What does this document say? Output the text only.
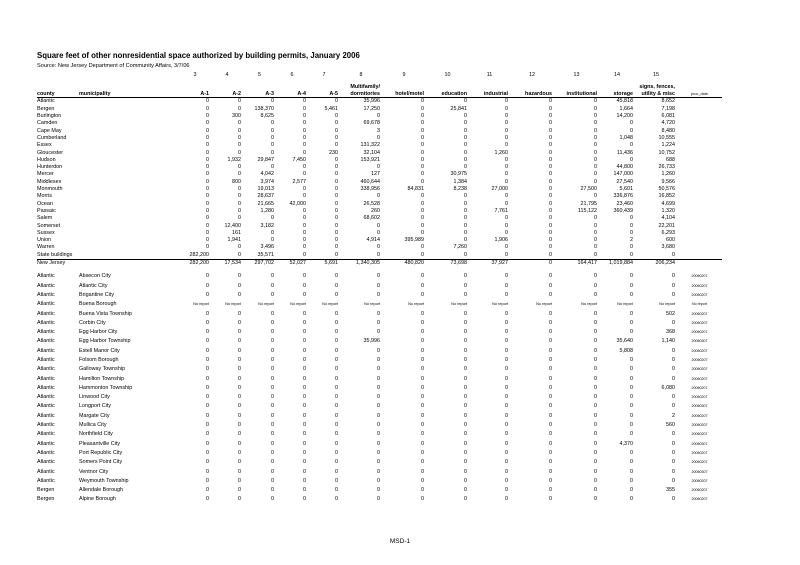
Square feet of other nonresidential space authorized by building permits, January 2006
Source: New Jersey Department of Community Affairs, 3/7/06
		3	4	5	6	7	8	9	10	11	12	13	14	15	

							Multifamily/							signs, fences,	
county	municipality	A-1	A-2	A-3	A-4	A-5	dormitories	hotel/motel	education	industrial	hazardous	institutional	storage	utility & misc	proc_date
Atlantic		0	0	0	0	0	35,996	0	0	0	0	0	45,818	8,652	
Bergen		0	0	138,370	0	5,461	17,250	0	25,841	0	0	0	1,664	7,198	
Burlington		0	300	8,625	0	0	0	0	0	0	0	0	14,200	6,081	
Camden		0	0	0	0	0	69,678	0	0	0	0	0	0	4,720	
Cape May		0	0	0	0	0	3	0	0	0	0	0	0	8,480	
Cumberland		0	0	0	0	0	0	0	0	0	0	0	1,048	10,555	
Essex		0	0	0	0	0	131,322	0	0	0	0	0	0	1,224	
Gloucester		0	0	0	0	230	32,104	0	0	1,260	0	0	11,436	10,752	
Hudson		0	1,932	29,847	7,450	0	153,921	0	0	0	0	0	0	688	
Hunterdon		0	0	0	0	0	0	0	0	0	0	0	44,800	26,733	
Mercer		0	0	4,042	0	0	127	0	30,975	0	0	0	147,000	1,260	
Middlesex		0	800	3,974	2,577	0	460,644	0	1,384	0	0	0	27,540	9,566	
Monmouth		0	0	19,013	0	0	338,956	84,831	8,238	27,000	0	27,500	5,601	50,576	
Morris		0	0	28,637	0	0	0	0	0	0	0	0	336,876	16,852	
Ocean		0	0	21,665	42,000	0	26,528	0	0	0	0	21,795	23,460	4,699	
Passaic		0	0	1,280	0	0	260	0	0	7,761	0	115,122	360,439	1,320	
Salem		0	0	0	0	0	68,602	0	0	0	0	0	0	4,104	
Somerset		0	12,400	3,182	0	0	0	0	0	0	0	0	0	22,201	
Sussex		0	161	0	0	0	0	0	0	0	0	0	0	6,293	
Union		0	1,941	0	0	0	4,914	395,989	0	1,906	0	0	2	600	
Warren		0	0	3,496	0	0	0	0	7,260	0	0	0	0	3,680	
State buildings		282,200	0	35,571	0	0	0	0	0	0	0	0	0	0	
New Jersey		282,200	17,534	297,702	52,027	5,691	1,340,305	480,820	73,698	37,927	0	164,417	1,019,884	206,234	

Atlantic	Absecon City	0	0	0	0	0	0	0	0	0	0	0	0	0	20060207
Atlantic	Atlantic City	0	0	0	0	0	0	0	0	0	0	0	0	0	20060207
Atlantic	Brigantine City	0	0	0	0	0	0	0	0	0	0	0	0	0	20060207
Atlantic	Buena Borough	No report	No report	No report	No report	No report	No report	No report	No report	No report	No report	No report	No report	No report	No report
Atlantic	Buena Vista Township	0	0	0	0	0	0	0	0	0	0	0	0	502	20060207
Atlantic	Corbin City	0	0	0	0	0	0	0	0	0	0	0	0	0	20060207
Atlantic	Egg Harbor City	0	0	0	0	0	0	0	0	0	0	0	0	368	20060207
Atlantic	Egg Harbor Township	0	0	0	0	0	35,996	0	0	0	0	0	35,640	1,140	20060307
Atlantic	Estell Manor City	0	0	0	0	0	0	0	0	0	0	0	5,808	0	20060207
Atlantic	Folsom Borough	0	0	0	0	0	0	0	0	0	0	0	0	0	20060207
Atlantic	Galloway Township	0	0	0	0	0	0	0	0	0	0	0	0	0	20060207
Atlantic	Hamilton Township	0	0	0	0	0	0	0	0	0	0	0	0	0	20060207
Atlantic	Hammonton Township	0	0	0	0	0	0	0	0	0	0	0	0	6,080	20060207
Atlantic	Linwood City	0	0	0	0	0	0	0	0	0	0	0	0	0	20060207
Atlantic	Longport City	0	0	0	0	0	0	0	0	0	0	0	0	0	20060307
Atlantic	Margate City	0	0	0	0	0	0	0	0	0	0	0	0	2	20060207
Atlantic	Mullica City	0	0	0	0	0	0	0	0	0	0	0	0	560	20060207
Atlantic	Northfield City	0	0	0	0	0	0	0	0	0	0	0	0	0	20060207
Atlantic	Pleasantville City	0	0	0	0	0	0	0	0	0	0	0	4,370	0	20060307
Atlantic	Port Republic City	0	0	0	0	0	0	0	0	0	0	0	0	0	20060207
Atlantic	Somers Point City	0	0	0	0	0	0	0	0	0	0	0	0	0	20060207
Atlantic	Ventnor City	0	0	0	0	0	0	0	0	0	0	0	0	0	20060307
Atlantic	Weymouth Township	0	0	0	0	0	0	0	0	0	0	0	0	0	20060207
Bergen	Allendale Borough	0	0	0	0	0	0	0	0	0	0	0	0	355	20060207
Bergen	Alpine Borough	0	0	0	0	0	0	0	0	0	0	0	0	0	20060207
MSD-1
